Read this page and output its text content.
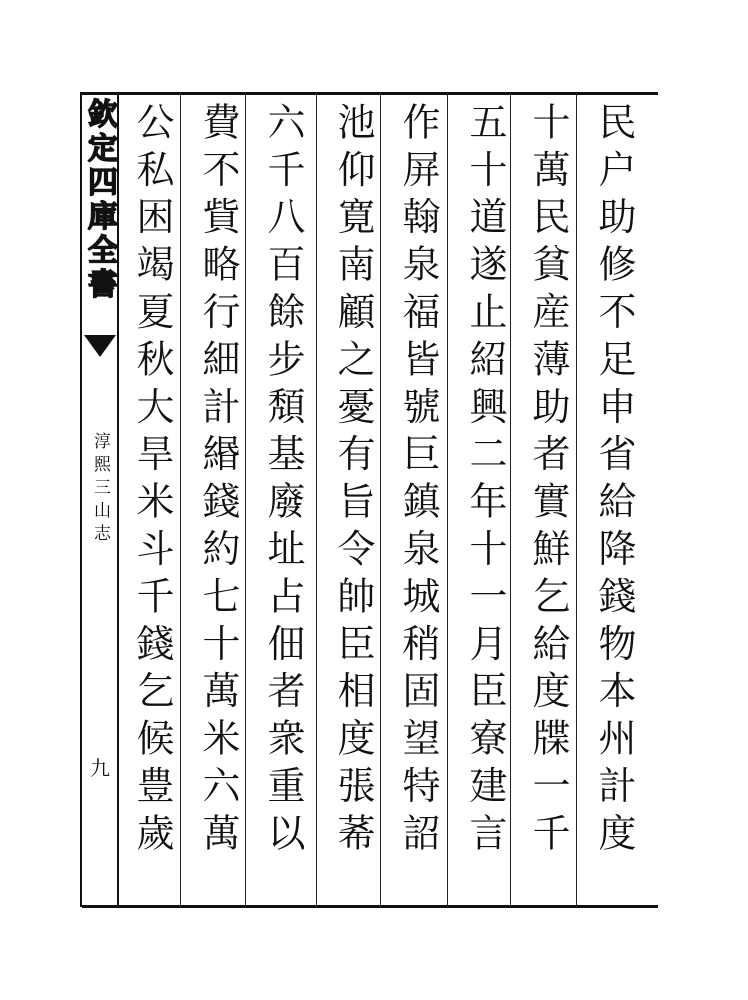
欽定四庫全書
淳熙三山志
九
民户助修不足申省給降錢物本州計度
十萬民貧産薄助者實鮮乞給度牒一千
五十道遂止紹興二年十一月臣寮建言
作屏翰泉福皆號巨鎮泉城稍固望特詔
池仰寛南顧之憂有旨令帥臣相度張莃
六千八百餘步頽基廢址占佃者衆重以
費不貲略行細計緡錢約七十萬米六萬
公私困竭夏秋大旱米斗千錢乞候豊歲
